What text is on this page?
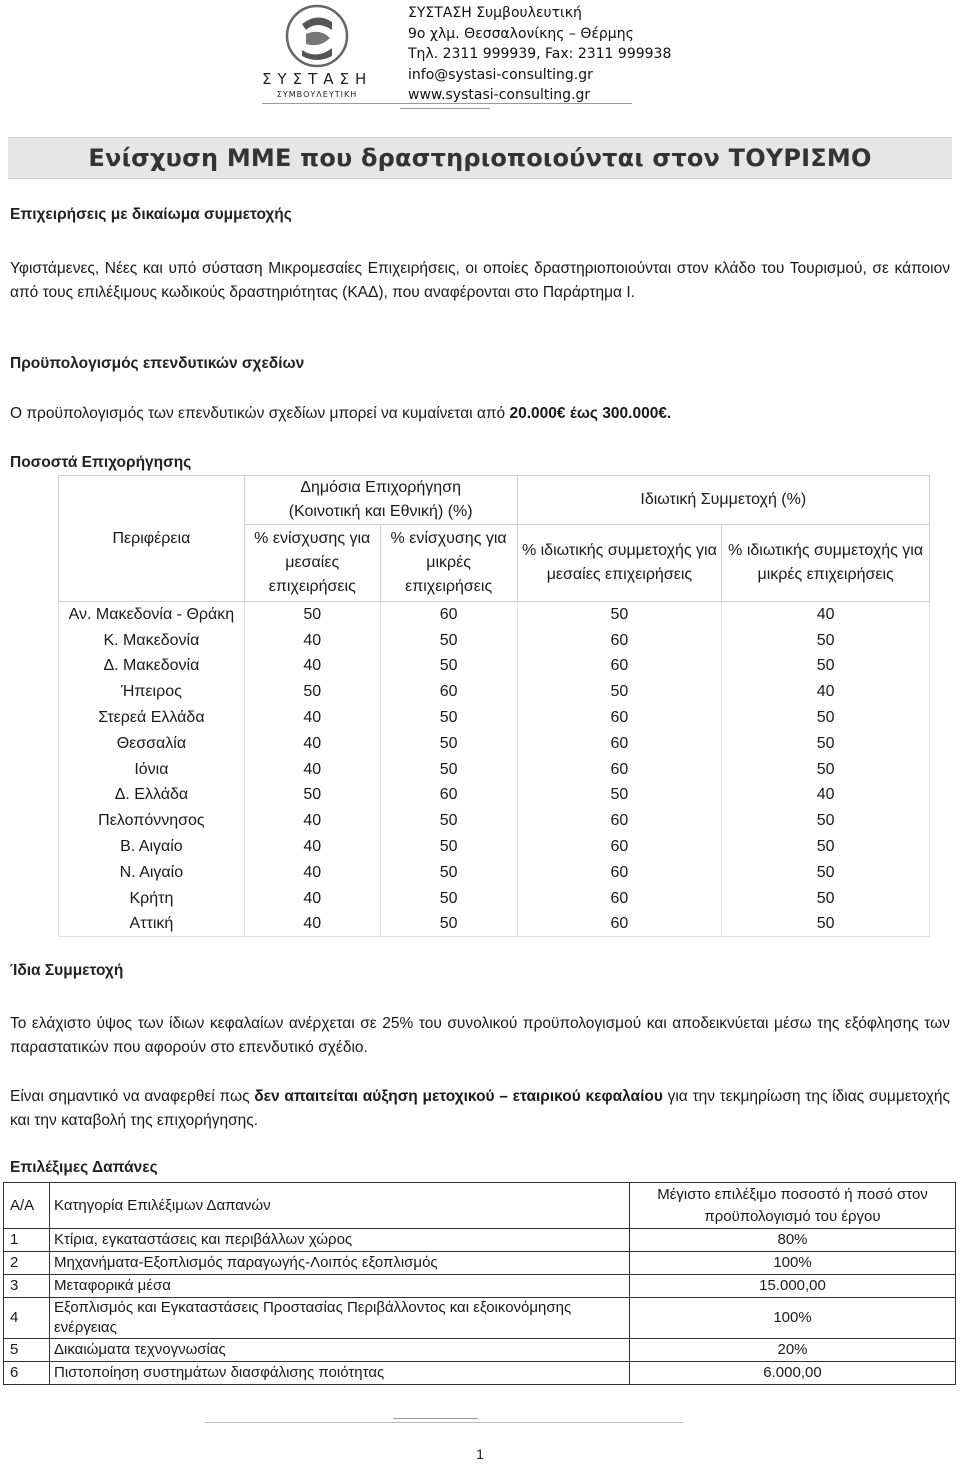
ΣΥΣΤΑΣΗ
ΣΥΜΒΟΥΛΕΥΤΙΚΗ
ΣΥΣΤΑΣΗ Συμβουλευτική
9ο χλμ. Θεσσαλονίκης – Θέρμης
Τηλ. 2311 999939, Fax: 2311 999938
info@systasi-consulting.gr
www.systasi-consulting.gr
Ενίσχυση ΜΜΕ που δραστηριοποιούνται στον ΤΟΥΡΙΣΜΟ
Επιχειρήσεις με δικαίωμα συμμετοχής
Υφιστάμενες, Νέες και υπό σύσταση Μικρομεσαίες Επιχειρήσεις, οι οποίες δραστηριοποιούνται στον κλάδο του Τουρισμού, σε κάποιον από τους επιλέξιμους κωδικούς δραστηριότητας (ΚΑΔ), που αναφέρονται στο Παράρτημα Ι.
Προϋπολογισμός επενδυτικών σχεδίων
Ο προϋπολογισμός των επενδυτικών σχεδίων μπορεί να κυμαίνεται από 20.000€ έως 300.000€.
Ποσοστά Επιχορήγησης
Περιφέρεια	Δημόσια Επιχορήγηση (Κοινοτική και Εθνική) (%)		Ιδιωτική Συμμετοχή (%)	
	% ενίσχυσης για μεσαίες επιχειρήσεις	% ενίσχυσης για μικρές επιχειρήσεις	% ιδιωτικής συμμετοχής για μεσαίες επιχειρήσεις	% ιδιωτικής συμμετοχής για μικρές επιχειρήσεις
Αν. Μακεδονία - Θράκη	50	60	50	40
Κ. Μακεδονία	40	50	60	50
Δ. Μακεδονία	40	50	60	50
Ήπειρος	50	60	50	40
Στερεά Ελλάδα	40	50	60	50
Θεσσαλία	40	50	60	50
Ιόνια	40	50	60	50
Δ. Ελλάδα	50	60	50	40
Πελοπόννησος	40	50	60	50
Β. Αιγαίο	40	50	60	50
Ν. Αιγαίο	40	50	60	50
Κρήτη	40	50	60	50
Αττική	40	50	60	50
Ίδια Συμμετοχή
Το ελάχιστο ύψος των ίδιων κεφαλαίων ανέρχεται σε 25% του συνολικού προϋπολογισμού και αποδεικνύεται μέσω της εξόφλησης των παραστατικών που αφορούν στο επενδυτικό σχέδιο.
Είναι σημαντικό να αναφερθεί πως δεν απαιτείται αύξηση μετοχικού – εταιρικού κεφαλαίου για την τεκμηρίωση της ίδιας συμμετοχής και την καταβολή της επιχορήγησης.
Επιλέξιμες Δαπάνες
Α/Α	Κατηγορία Επιλέξιμων Δαπανών	Μέγιστο επιλέξιμο ποσοστό ή ποσό στον προϋπολογισμό του έργου
1	Κτίρια, εγκαταστάσεις και περιβάλλων χώρος	80%
2	Μηχανήματα-Εξοπλισμός παραγωγής-Λοιπός εξοπλισμός	100%
3	Μεταφορικά μέσα	15.000,00
4	Εξοπλισμός και Εγκαταστάσεις Προστασίας Περιβάλλοντος και εξοικονόμησης ενέργειας	100%
5	Δικαιώματα τεχνογνωσίας	20%
6	Πιστοποίηση συστημάτων διασφάλισης ποιότητας	6.000,00
1
